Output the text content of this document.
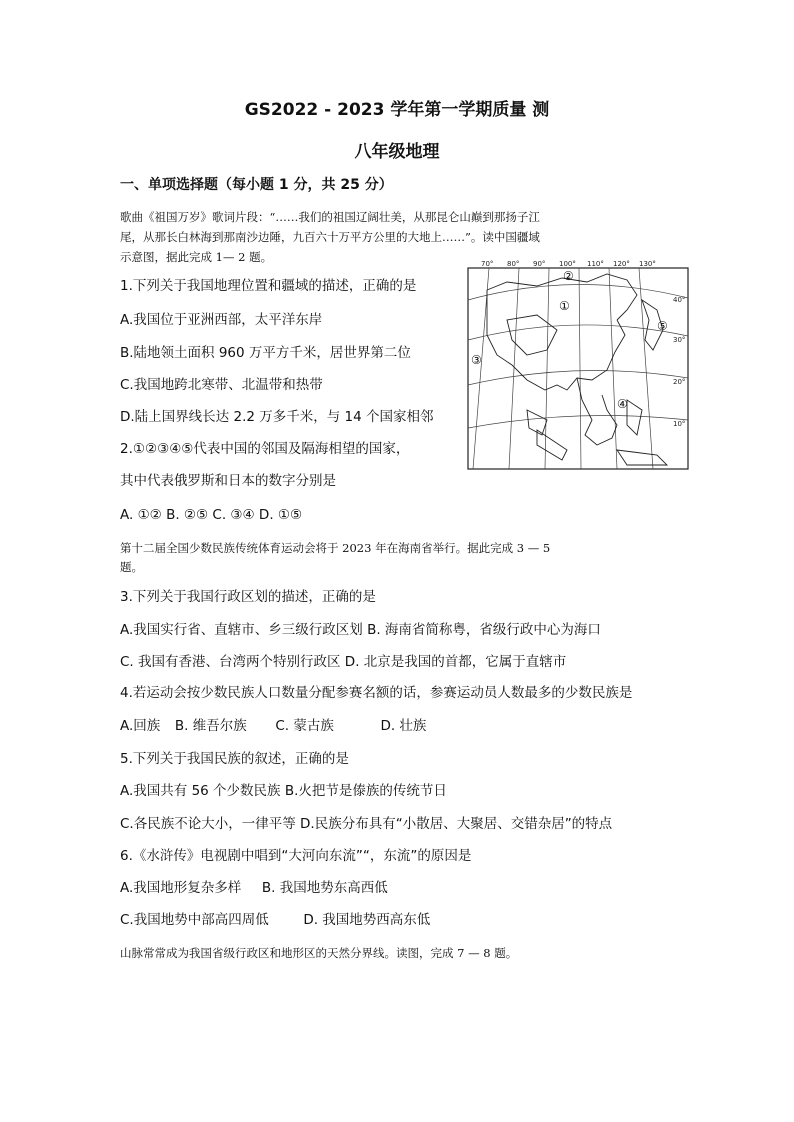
GS2022 - 2023 学年第一学期质量 测
八年级地理
一、单项选择题（每小题 1 分，共 25 分）
歌曲《祖国万岁》歌词片段：“……我们的祖国辽阔壮美，从那昆仑山巅到那扬子江
尾，从那长白林海到那南沙边陲，九百六十万平方公里的大地上……”。读中国疆域
示意图，据此完成 1— 2 题。
1.下列关于我国地理位置和疆域的描述，正确的是
A.我国位于亚洲西部，太平洋东岸
B.陆地领土面积 960 万平方千米，居世界第二位
C.我国地跨北寒带、北温带和热带
D.陆上国界线长达 2.2 万多千米，与 14 个国家相邻
2.①②③④⑤代表中国的邻国及隔海相望的国家，
其中代表俄罗斯和日本的数字分别是
A. ①② B. ②⑤ C. ③④ D. ①⑤
70° 80° 90° 100° 110° 120° 130°
40°
30°
20°
10°
②
①
③
④
⑤
第十二届全国少数民族传统体育运动会将于 2023 年在海南省举行。据此完成 3 — 5
题。
3.下列关于我国行政区划的描述，正确的是
A.我国实行省、直辖市、乡三级行政区划 B. 海南省简称粤，省级行政中心为海口
C. 我国有香港、台湾两个特别行政区 D. 北京是我国的首都，它属于直辖市
4.若运动会按少数民族人口数量分配参赛名额的话，参赛运动员人数最多的少数民族是
A.回族 B. 维吾尔族 C. 蒙古族	D. 壮族
5.下列关于我国民族的叙述，正确的是
A.我国共有 56 个少数民族 B.火把节是傣族的传统节日
C.各民族不论大小，一律平等 D.民族分布具有“小散居、大聚居、交错杂居”的特点
6.《水浒传》电视剧中唱到“大河向东流”“，东流”的原因是
A.我国地形复杂多样 B. 我国地势东高西低
C.我国地势中部高四周低	D. 我国地势西高东低
山脉常常成为我国省级行政区和地形区的天然分界线。读图，完成 7 — 8 题。
